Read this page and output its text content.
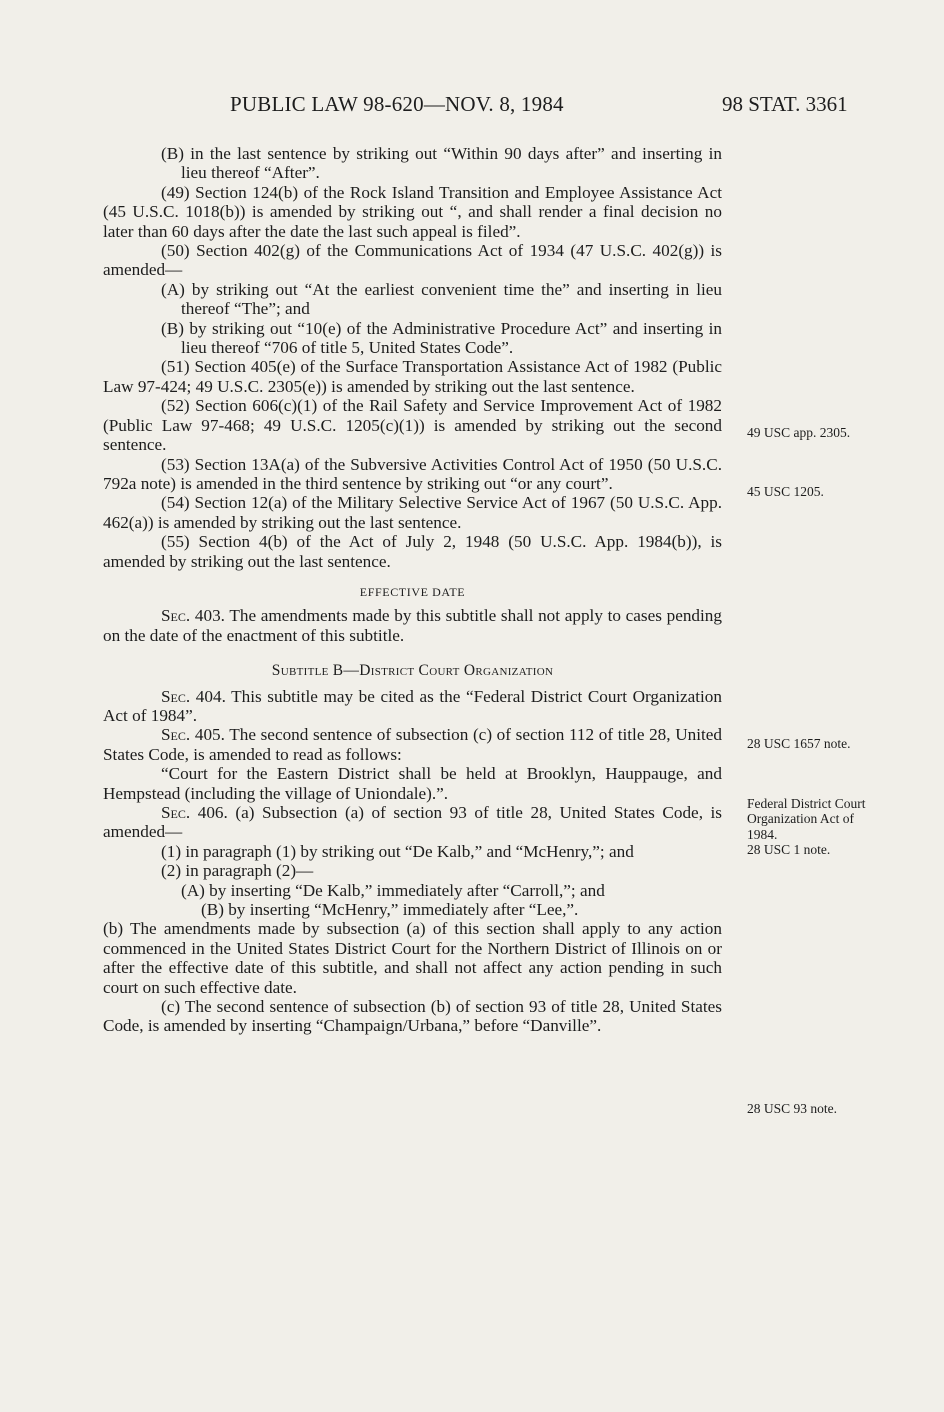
PUBLIC LAW 98-620—NOV. 8, 1984	98 STAT. 3361

(B) in the last sentence by striking out “Within 90 days after” and inserting in lieu thereof “After”.

(49) Section 124(b) of the Rock Island Transition and Employee Assistance Act (45 U.S.C. 1018(b)) is amended by striking out “, and shall render a final decision no later than 60 days after the date the last such appeal is filed”.

(50) Section 402(g) of the Communications Act of 1934 (47 U.S.C. 402(g)) is amended—

(A) by striking out “At the earliest convenient time the” and inserting in lieu thereof “The”; and

(B) by striking out “10(e) of the Administrative Procedure Act” and inserting in lieu thereof “706 of title 5, United States Code”.

(51) Section 405(e) of the Surface Transportation Assistance Act of 1982 (Public Law 97-424; 49 U.S.C. 2305(e)) is amended by striking out the last sentence.

(52) Section 606(c)(1) of the Rail Safety and Service Improvement Act of 1982 (Public Law 97-468; 49 U.S.C. 1205(c)(1)) is amended by striking out the second sentence.

(53) Section 13A(a) of the Subversive Activities Control Act of 1950 (50 U.S.C. 792a note) is amended in the third sentence by striking out “or any court”.

(54) Section 12(a) of the Military Selective Service Act of 1967 (50 U.S.C. App. 462(a)) is amended by striking out the last sentence.

(55) Section 4(b) of the Act of July 2, 1948 (50 U.S.C. App. 1984(b)), is amended by striking out the last sentence.

EFFECTIVE DATE

Sec. 403. The amendments made by this subtitle shall not apply to cases pending on the date of the enactment of this subtitle.

Subtitle B—District Court Organization

Sec. 404. This subtitle may be cited as the “Federal District Court Organization Act of 1984”.

Sec. 405. The second sentence of subsection (c) of section 112 of title 28, United States Code, is amended to read as follows:

“Court for the Eastern District shall be held at Brooklyn, Hauppauge, and Hempstead (including the village of Uniondale).”.

Sec. 406. (a) Subsection (a) of section 93 of title 28, United States Code, is amended—

(1) in paragraph (1) by striking out “De Kalb,” and “McHenry,”; and

(2) in paragraph (2)—

(A) by inserting “De Kalb,” immediately after “Carroll,”; and

(B) by inserting “McHenry,” immediately after “Lee,”.

(b) The amendments made by subsection (a) of this section shall apply to any action commenced in the United States District Court for the Northern District of Illinois on or after the effective date of this subtitle, and shall not affect any action pending in such court on such effective date.

(c) The second sentence of subsection (b) of section 93 of title 28, United States Code, is amended by inserting “Champaign/Urbana,” before “Danville”.

49 USC app. 2305.
45 USC 1205.
28 USC 1657 note.
Federal District Court Organization Act of 1984.
28 USC 1 note.
28 USC 93 note.
